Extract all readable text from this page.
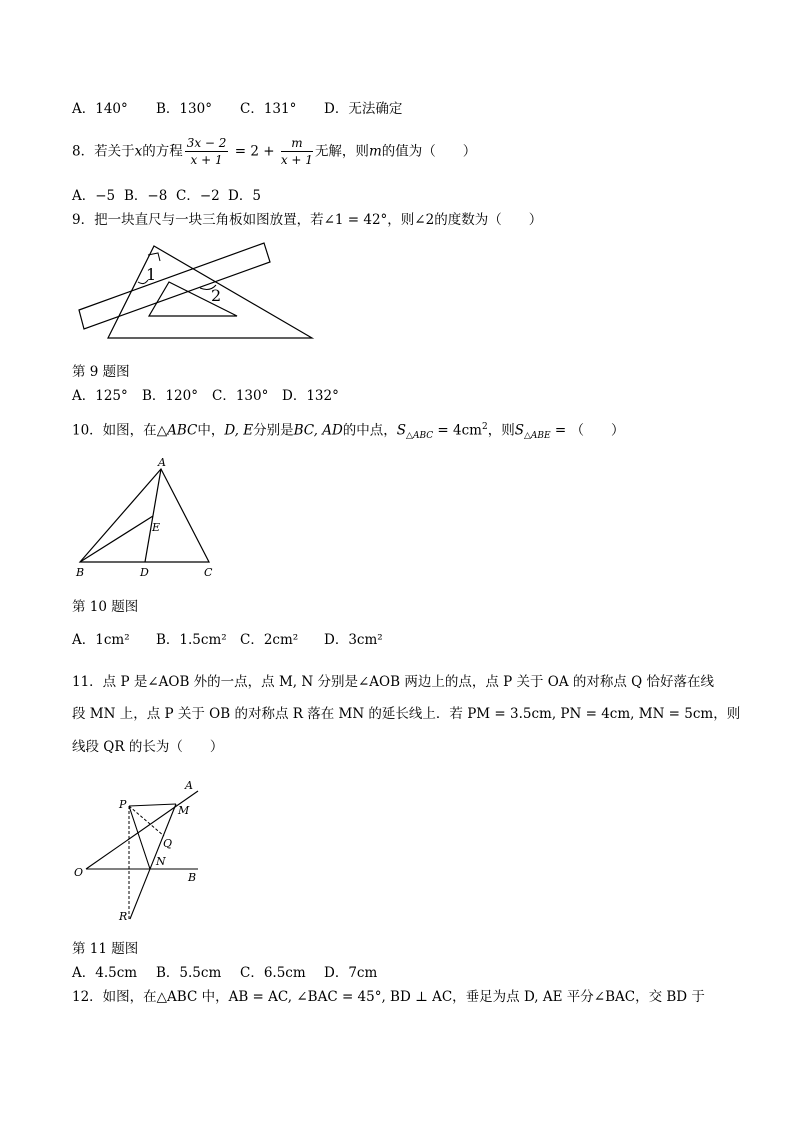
A．140° B．130° C．131° D．无法确定
8．若关于x的方程 $\frac{3x - 2}{x + 1} = 2 + \frac{m}{x + 1}$ 无解，则m的值为（　　）
A．−5 B．−8 C．−2 D．5
9．把一块直尺与一块三角板如图放置，若∠1 = 42°，则∠2的度数为（　　）
1
2
第 9 题图
A．125° B．120° C．130° D．132°
10．如图，在△ABC中，D, E分别是BC, AD的中点，$S_{\triangle ABC} = 4cm^2$，则$S_{\triangle ABE}$ = （　　）
A
E
B	D	C
第 10 题图
A．1cm² B．1.5cm² C．2cm² D．3cm²
11．点 P 是∠AOB 外的一点，点 M, N 分别是∠AOB 两边上的点，点 P 关于 OA 的对称点 Q 恰好落在线
段 MN 上，点 P 关于 OB 的对称点 R 落在 MN 的延长线上．若 PM = 3.5cm, PN = 4cm, MN = 5cm，则
线段 QR 的长为（　　）
A
P	M
Q
N
O	B
R
第 11 题图
A．4.5cm B．5.5cm C．6.5cm D．7cm
12．如图，在△ABC 中，AB = AC, ∠BAC = 45°, BD ⊥ AC，垂足为点 D, AE 平分∠BAC，交 BD 于
